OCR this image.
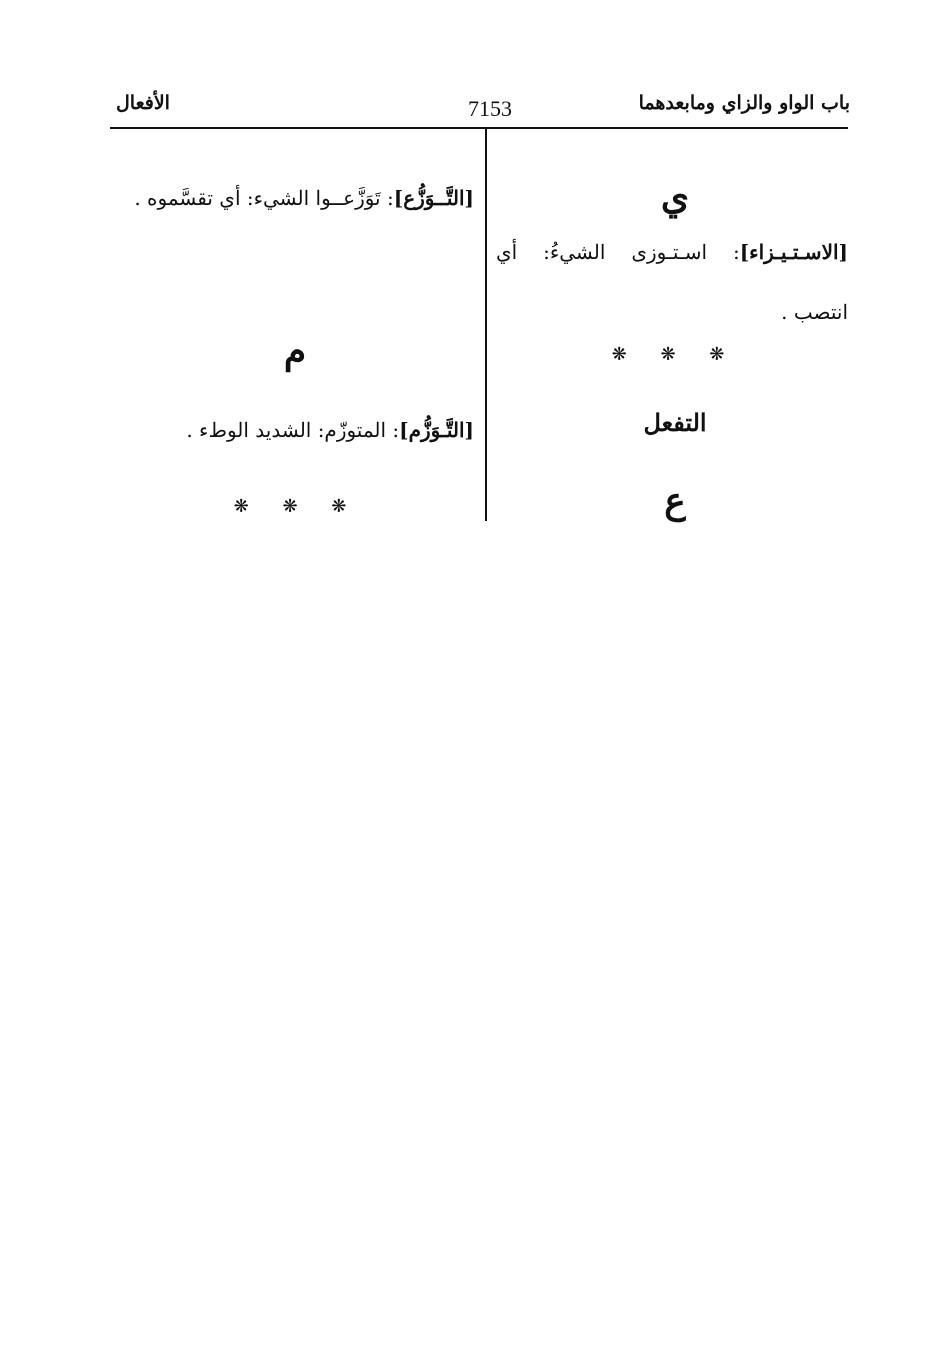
باب الواو والزاي ومابعدهما
7153
الأفعال
ي
[الاسـتـيـزاء]: اسـتـوزى الشيءُ: أي انتصب .
❋ ❋ ❋
التفعل
ع
[التَّــوَزُّع]: تَوَزَّعــوا الشيء: أي تقسَّموه .
م
[التَّـوَزُّم]: المتوزّم: الشديد الوطء .
❋ ❋ ❋
